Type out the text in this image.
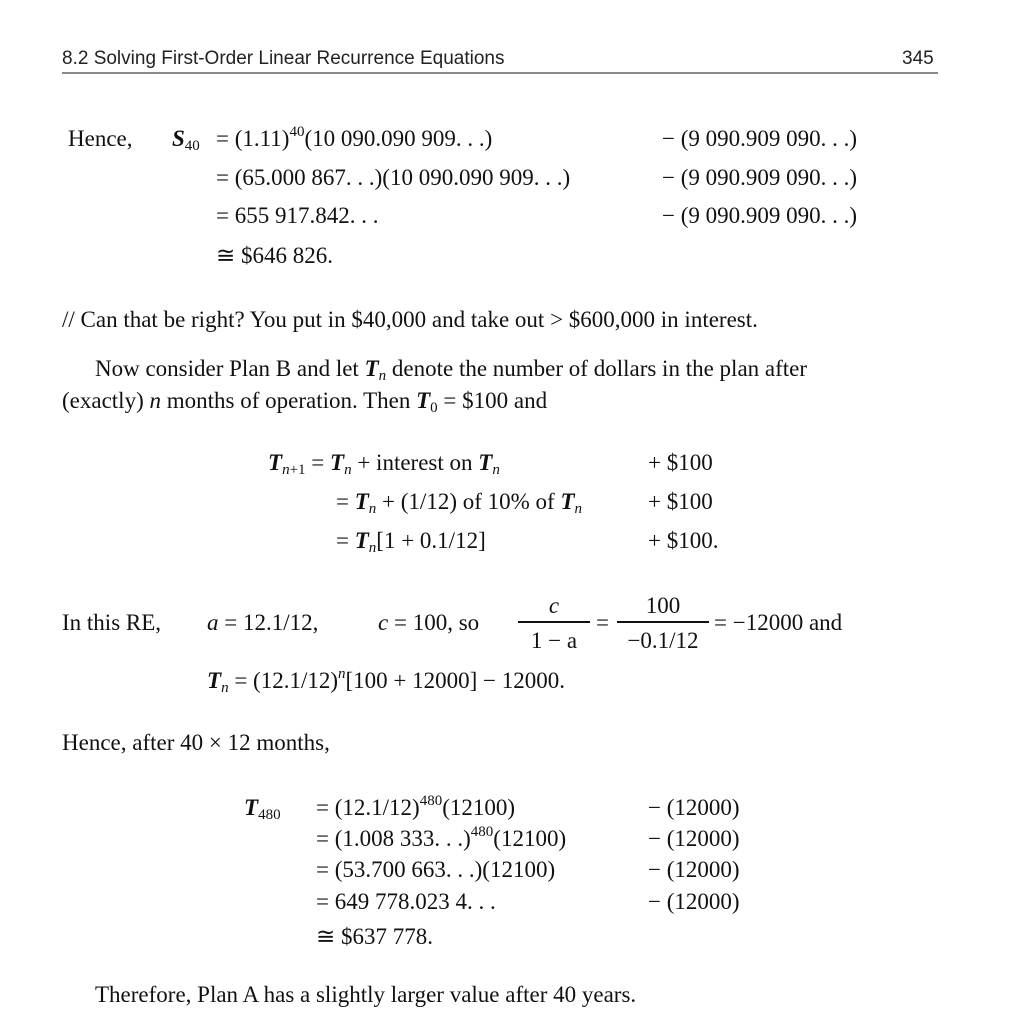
8.2 Solving First-Order Linear Recurrence Equations	345
Hence, $S_{40} = (1.11)^{40}(10$ 090.090 909. . .)
= (65.000 867. . .)(10 090.090 909. . .)
= 655 917.842. . .
≅ $646 826.
− (9 090.909 090. . .)
− (9 090.909 090. . .)
− (9 090.909 090. . .)
// Can that be right? You put in $40,000 and take out > $600,000 in interest.
Now consider Plan B and let $T_n$ denote the number of dollars in the plan after
(exactly) n months of operation. Then $T_0$ = $100 and
$T_{n+1} = T_n$ + interest on $T_n$
= $T_n + (1/12)$ of 10% of $T_n$
= $T_n[1 + 0.1/12]$
+ $100
+ $100
+ $100.
In this RE, a = 12.1/12,	c = 100, so
c
1 − a
=
100
−0.1/12
= −12000 and
$T_n = (12.1/12)^n[100 + 12000] - 12000$.
Hence, after 40 × 12 months,
$T_{480} = (12.1/12)^{480}(12100)$
= (1.008 333. . .)$^{480}$(12100)
= (53.700 663. . .)(12100)
= 649 778.023 4. . .
≅ $637 778.
− (12000)
− (12000)
− (12000)
− (12000)
Therefore, Plan A has a slightly larger value after 40 years.
